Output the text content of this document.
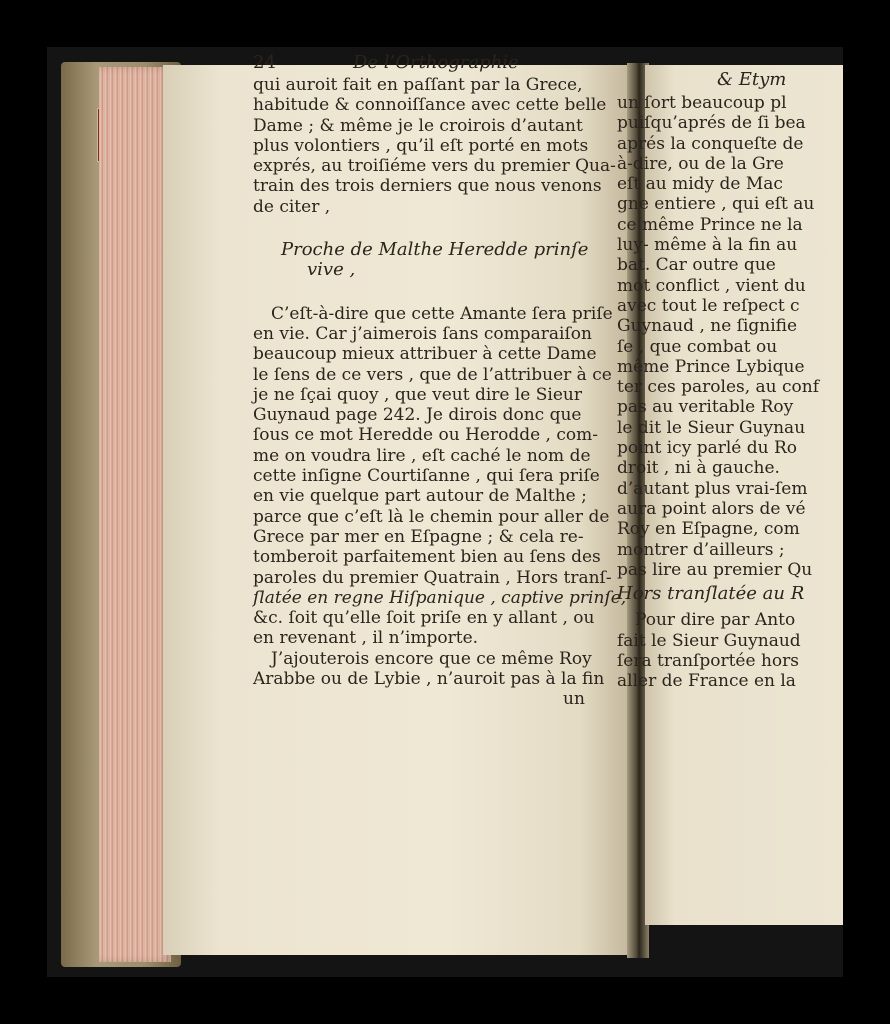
24	De l’Orthographie
qui auroit fait en paſſant par la Grece,
habitude & connoiſſance avec cette belle
Dame ; & même je le croirois d’autant
plus volontiers , qu’il eſt porté en mots
exprés, au troiſiéme vers du premier Qua-
train des trois derniers que nous venons
de citer ,
Proche de Malthe Heredde prinſe
vive ,
C’eſt-à-dire que cette Amante ſera priſe
en vie. Car j’aimerois ſans comparaiſon
beaucoup mieux attribuer à cette Dame
le ſens de ce vers , que de l’attribuer à ce
je ne ſçai quoy , que veut dire le Sieur
Guynaud page 242. Je dirois donc que
ſous ce mot Heredde ou Herodde , com-
me on voudra lire , eſt caché le nom de
cette inſigne Courtiſanne , qui ſera priſe
en vie quelque part autour de Malthe ;
parce que c’eſt là le chemin pour aller de
Grece par mer en Eſpagne ; & cela re-
tomberoit parfaitement bien au ſens des
paroles du premier Quatrain , Hors tranſ-
ſlatée en regne Hiſpanique , captive prinſe,
&c. ſoit qu’elle ſoit priſe en y allant , ou
en revenant , il n’importe.
J’ajouterois encore que ce même Roy
Arabbe ou de Lybie , n’auroit pas à la fin
un
& Etym
un ſort beaucoup pl
puiſqu’aprés de ſi bea
aprés la conqueſte de
à-dire, ou de la Gre
eſt au midy de Mac
gne entiere , qui eſt au
ce même Prince ne la
luy- même à la fin au
bat. Car outre que
mot conflict , vient du
avec tout le reſpect c
Guynaud , ne ſignifie
ſe , que combat ou
même Prince Lybique
ter ces paroles, au conf
pas au veritable Roy
le dit le Sieur Guynau
point icy parlé du Ro
droit , ni à gauche.
d’autant plus vrai-ſem
aura point alors de vé
Roy en Eſpagne, com
montrer d’ailleurs ;
pas lire au premier Qu
Hors tranſlatée au R
Pour dire par Anto
fait le Sieur Guynaud
ſera tranſportée hors
aller de France en la
